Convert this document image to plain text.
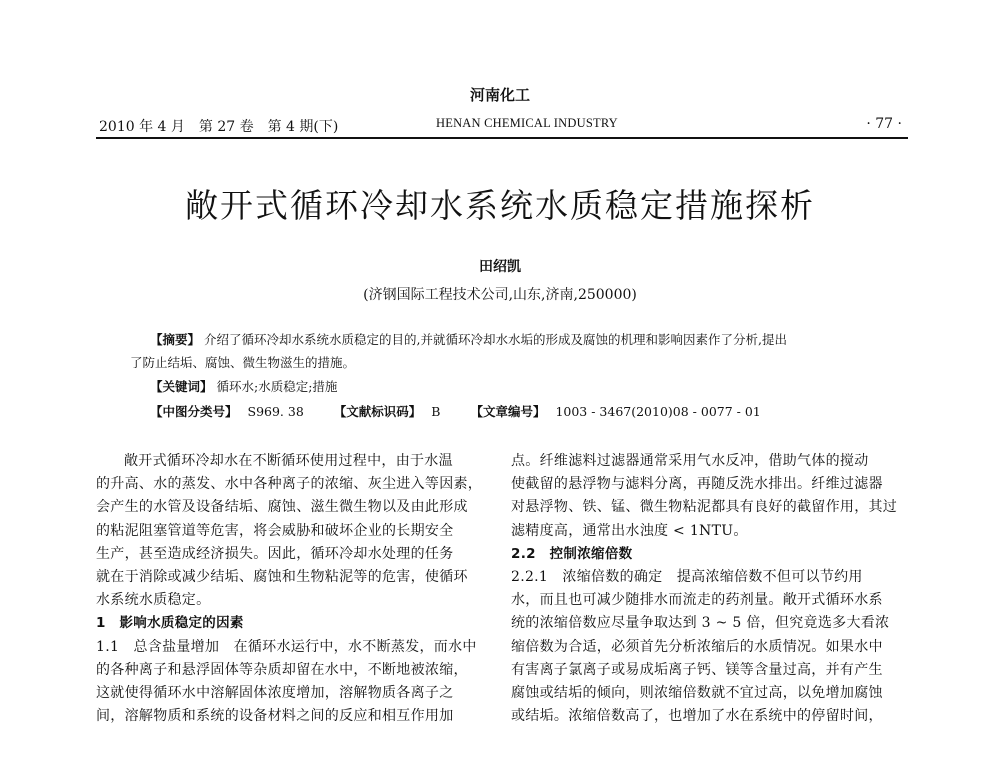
河南化工
2010 年 4 月　第 27 卷　第 4 期(下)	HENAN CHEMICAL INDUSTRY	· 77 ·
敞开式循环冷却水系统水质稳定措施探析
田绍凯
(济钢国际工程技术公司,山东,济南,250000)
【摘要】 介绍了循环冷却水系统水质稳定的目的,并就循环冷却水水垢的形成及腐蚀的机理和影响因素作了分析,提出
了防止结垢、腐蚀、微生物滋生的措施。
【关键词】 循环水;水质稳定;措施
【中图分类号】 S969. 38 【文献标识码】 B 【文章编号】 1003 - 3467(2010)08 - 0077 - 01

敞开式循环冷却水在不断循环使用过程中，由于水温

的升高、水的蒸发、水中各种离子的浓缩、灰尘进入等因素，

会产生的水管及设备结垢、腐蚀、滋生微生物以及由此形成

的粘泥阻塞管道等危害，将会威胁和破坏企业的长期安全

生产，甚至造成经济损失。因此，循环冷却水处理的任务

就在于消除或减少结垢、腐蚀和生物粘泥等的危害，使循环

水系统水质稳定。

1　影响水质稳定的因素

1.1　总含盐量增加　在循环水运行中，水不断蒸发，而水中

的各种离子和悬浮固体等杂质却留在水中，不断地被浓缩，

这就使得循环水中溶解固体浓度增加，溶解物质各离子之

间，溶解物质和系统的设备材料之间的反应和相互作用加

点。纤维滤料过滤器通常采用气水反冲，借助气体的搅动

使截留的悬浮物与滤料分离，再随反洗水排出。纤维过滤器

对悬浮物、铁、锰、微生物粘泥都具有良好的截留作用，其过

滤精度高，通常出水浊度 < 1NTU。

2.2　控制浓缩倍数

2.2.1　浓缩倍数的确定　提高浓缩倍数不但可以节约用

水，而且也可减少随排水而流走的药剂量。敞开式循环水系

统的浓缩倍数应尽量争取达到 3 ~ 5 倍，但究竟选多大看浓

缩倍数为合适，必须首先分析浓缩后的水质情况。如果水中

有害离子氯离子或易成垢离子钙、镁等含量过高，并有产生

腐蚀或结垢的倾向，则浓缩倍数就不宜过高，以免增加腐蚀

或结垢。浓缩倍数高了，也增加了水在系统中的停留时间，
